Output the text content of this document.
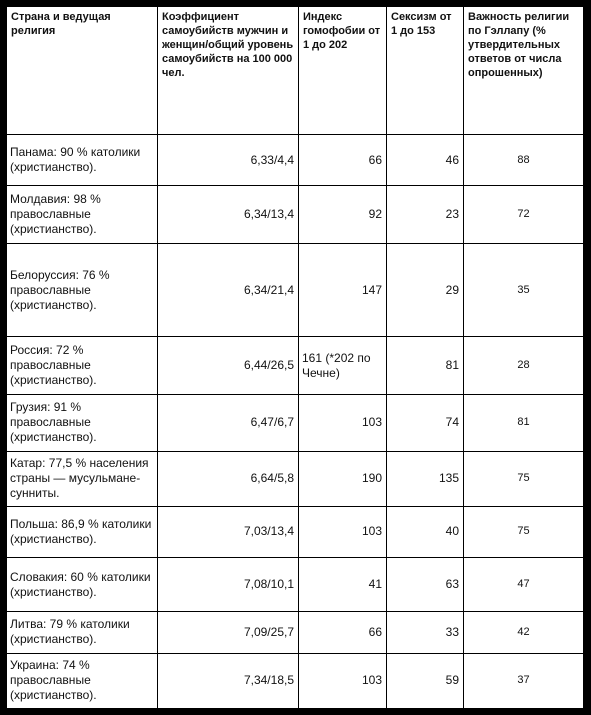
Страна и ведущая религия	Коэффициент самоубийств мужчин и женщин/общий уровень самоубийств на 100 000 чел.	Индекс гомофобии от 1 до 202	Сексизм от 1 до 153	Важность религии по Гэллапу (% утвердительных ответов от числа опрошенных)
Панама: 90 % католики (христианство).	6,33/4,4	66	46	88
Молдавия: 98 % православные (христианство).	6,34/13,4	92	23	72
Белоруссия: 76 % православные (христианство).	6,34/21,4	147	29	35
Россия: 72 % православные (христианство).	6,44/26,5	161 (*202 по Чечне)	81	28
Грузия: 91 % православные (христианство).	6,47/6,7	103	74	81
Катар: 77,5 % населения страны — мусульмане-сунниты.	6,64/5,8	190	135	75
Польша: 86,9 % католики (христианство).	7,03/13,4	103	40	75
Словакия: 60 % католики (христианство).	7,08/10,1	41	63	47
Литва: 79 % католики (христианство).	7,09/25,7	66	33	42
Украина: 74 % православные (христианство).	7,34/18,5	103	59	37
